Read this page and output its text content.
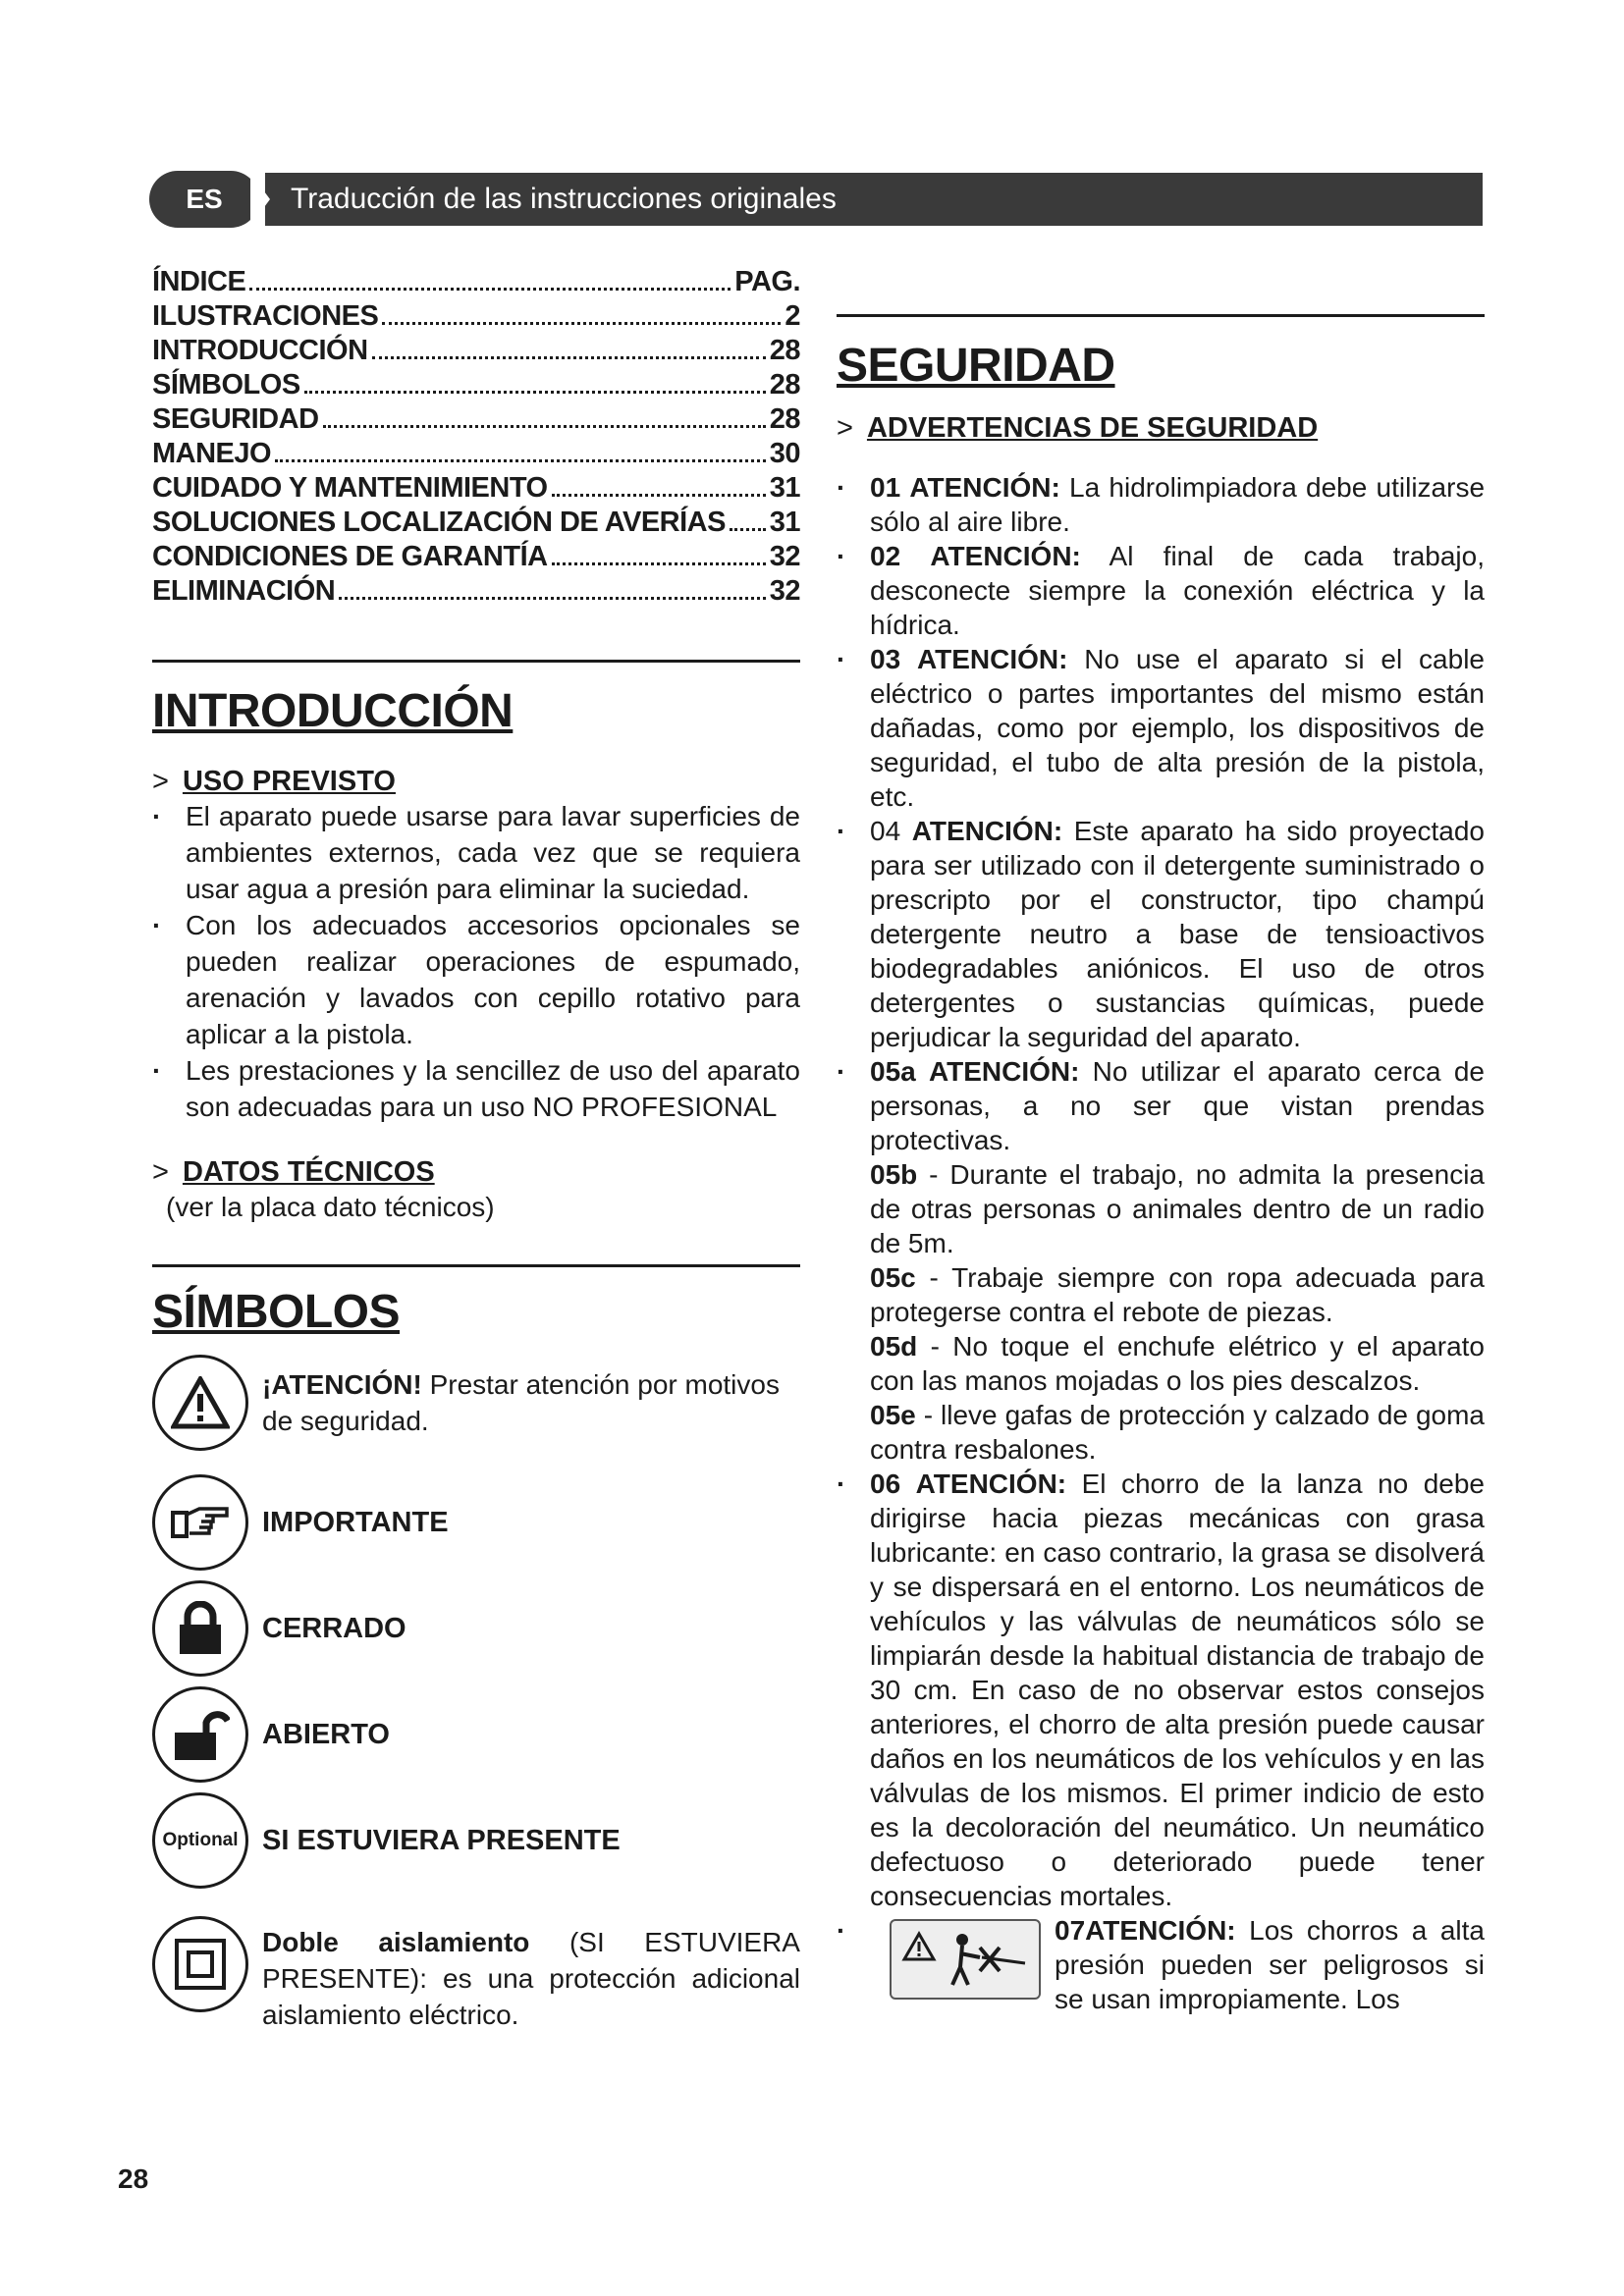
ES	Traducción de las instrucciones originales
ÍNDICE	PAG.
ILUSTRACIONES	2
INTRODUCCIÓN	28
SÍMBOLOS	28
SEGURIDAD	28
MANEJO	30
CUIDADO Y MANTENIMIENTO	31
SOLUCIONES LOCALIZACIÓN DE AVERÍAS 31
CONDICIONES DE GARANTÍA	32
ELIMINACIÓN	32
INTRODUCCIÓN
> USO PREVISTO
· El aparato puede usarse para lavar superficies de ambientes externos, cada vez que se requiera usar agua a presión para eliminar la suciedad.
· Con los adecuados accesorios opcionales se pueden realizar operaciones de espumado, arenación y lavados con cepillo rotativo para aplicar a la pistola.
· Les prestaciones y la sencillez de uso del aparato son adecuadas para un uso NO PROFESIONAL
> DATOS TÉCNICOS
(ver la placa dato técnicos)
SÍMBOLOS
¡ATENCIÓN! Prestar atención por motivos de seguridad.
IMPORTANTE
CERRADO
ABIERTO
Optional SI ESTUVIERA PRESENTE
Doble aislamiento (SI ESTUVIERA PRESENTE): es una protección adicional aislamiento eléctrico.
SEGURIDAD
> ADVERTENCIAS DE SEGURIDAD
· 01 ATENCIÓN: La hidrolimpiadora debe utilizarse sólo al aire libre.
· 02 ATENCIÓN: Al final de cada trabajo, desconecte siempre la conexión eléctrica y la hídrica.
· 03 ATENCIÓN: No use el aparato si el cable eléctrico o partes importantes del mismo están dañadas, como por ejemplo, los dispositivos de seguridad, el tubo de alta presión de la pistola, etc.
· 04 ATENCIÓN: Este aparato ha sido proyectado para ser utilizado con il detergente suministrado o prescripto por el constructor, tipo champú detergente neutro a base de tensioactivos biodegradables aniónicos. El uso de otros detergentes o sustancias químicas, puede perjudicar la seguridad del aparato.
· 05a ATENCIÓN: No utilizar el aparato cerca de personas, a no ser que vistan prendas protectivas.
05b - Durante el trabajo, no admita la presencia de otras personas o animales dentro de un radio de 5m.
05c - Trabaje siempre con ropa adecuada para protegerse contra el rebote de piezas.
05d - No toque el enchufe elétrico y el aparato con las manos mojadas o los pies descalzos.
05e - lleve gafas de protección y calzado de goma contra resbalones.
· 06 ATENCIÓN: El chorro de la lanza no debe dirigirse hacia piezas mecánicas con grasa lubricante: en caso contrario, la grasa se disolverá y se dispersará en el entorno. Los neumáticos de vehículos y las válvulas de neumáticos sólo se limpiarán desde la habitual distancia de trabajo de 30 cm. En caso de no observar estos consejos anteriores, el chorro de alta presión puede causar daños en los neumáticos de los vehículos y en las válvulas de los mismos. El primer indicio de esto es la decoloración del neumático. Un neumático defectuoso o deteriorado puede tener consecuencias mortales.
· 07ATENCIÓN: Los chorros a alta presión pueden ser peligrosos si se usan impropiamente. Los
28
